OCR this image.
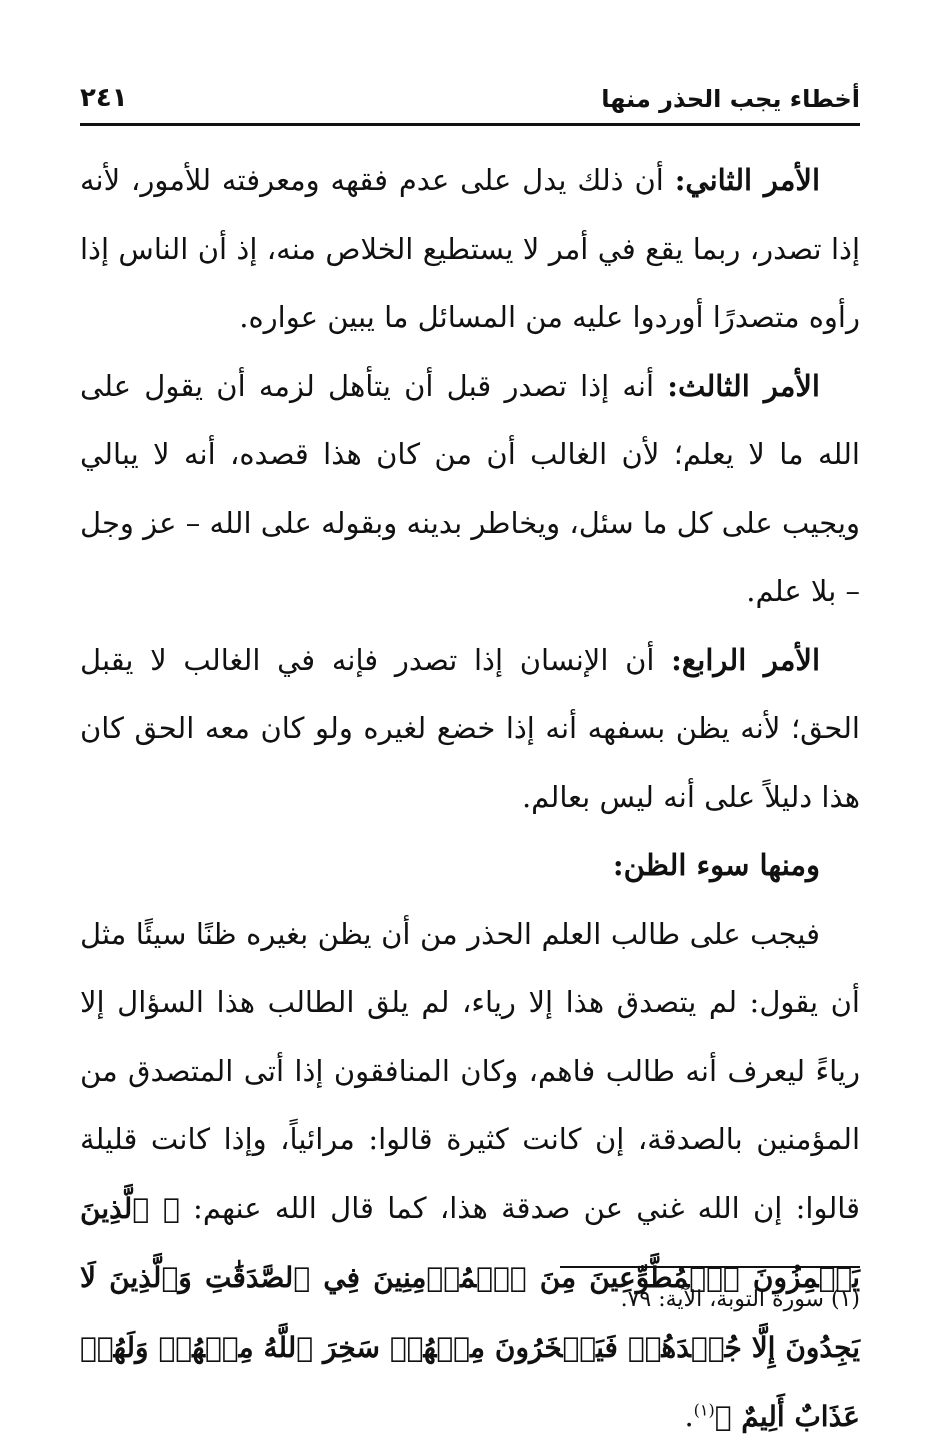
أخطاء يجب الحذر منها
٢٤١

الأمر الثاني: أن ذلك يدل على عدم فقهه ومعرفته للأمور، لأنه إذا تصدر، ربما يقع في أمر لا يستطيع الخلاص منه، إذ أن الناس إذا رأوه متصدرًا أوردوا عليه من المسائل ما يبين عواره.

الأمر الثالث: أنه إذا تصدر قبل أن يتأهل لزمه أن يقول على الله ما لا يعلم؛ لأن الغالب أن من كان هذا قصده، أنه لا يبالي ويجيب على كل ما سئل، ويخاطر بدينه وبقوله على الله – عز وجل – بلا علم.

الأمر الرابع: أن الإنسان إذا تصدر فإنه في الغالب لا يقبل الحق؛ لأنه يظن بسفهه أنه إذا خضع لغيره ولو كان معه الحق كان هذا دليلاً على أنه ليس بعالم.

ومنها سوء الظن:

فيجب على طالب العلم الحذر من أن يظن بغيره ظنًا سيئًا مثل أن يقول: لم يتصدق هذا إلا رياء، لم يلق الطالب هذا السؤال إلا رياءً ليعرف أنه طالب فاهم، وكان المنافقون إذا أتى المتصدق من المؤمنين بالصدقة، إن كانت كثيرة قالوا: مرائياً، وإذا كانت قليلة قالوا: إن الله غني عن صدقة هذا، كما قال الله عنهم: ﴿ ٱلَّذِينَ يَلۡمِزُونَ ٱلۡمُطَّوِّعِينَ مِنَ ٱلۡمُؤۡمِنِينَ فِي ٱلصَّدَقَٰتِ وَٱلَّذِينَ لَا يَجِدُونَ إِلَّا جُهۡدَهُمۡ فَيَسۡخَرُونَ مِنۡهُمۡ سَخِرَ ٱللَّهُ مِنۡهُمۡ وَلَهُمۡ عَذَابٌ أَلِيمٌ ﴾$^{(١)}$.

(١) سورة التوبة، الآية: ٧٩.
